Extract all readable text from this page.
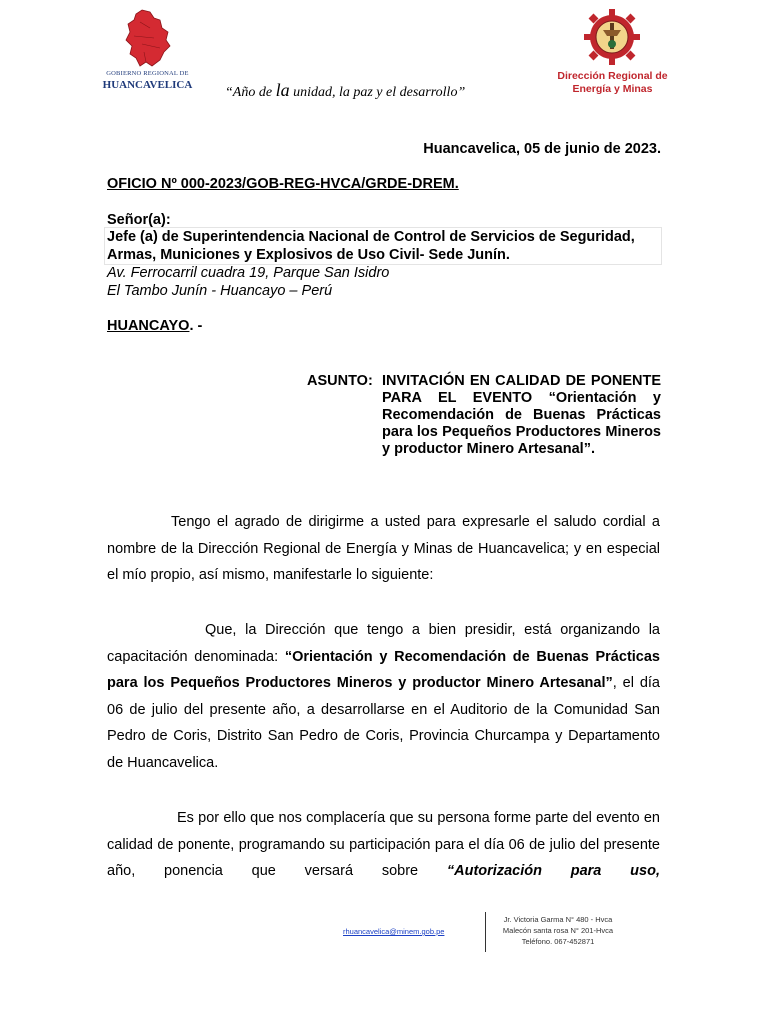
GOBIERNO REGIONAL DE
HUANCAVELICA “Año de la unidad, la paz y el desarrollo”
Dirección Regional de
Energía y Minas
Huancavelica, 05 de junio de 2023.
OFICIO Nº 000-2023/GOB-REG-HVCA/GRDE-DREM.
Señor(a):
Jefe (a) de Superintendencia Nacional de Control de Servicios de Seguridad,
Armas, Municiones y Explosivos de Uso Civil- Sede Junín.
Av. Ferrocarril cuadra 19, Parque San Isidro
El Tambo Junín - Huancayo – Perú
HUANCAYO. -
ASUNTO: INVITACIÓN EN CALIDAD DE PONENTE PARA EL EVENTO “Orientación y Recomendación de Buenas Prácticas para los Pequeños Productores Mineros y productor Minero Artesanal”.
Tengo el agrado de dirigirme a usted para expresarle el saludo cordial a nombre de la Dirección Regional de Energía y Minas de Huancavelica; y en especial el mío propio, así mismo, manifestarle lo siguiente:
Que, la Dirección que tengo a bien presidir, está organizando la capacitación denominada: “Orientación y Recomendación de Buenas Prácticas para los Pequeños Productores Mineros y productor Minero Artesanal”, el día 06 de julio del presente año, a desarrollarse en el Auditorio de la Comunidad San Pedro de Coris, Distrito San Pedro de Coris, Provincia Churcampa y Departamento de Huancavelica.
Es por ello que nos complacería que su persona forme parte del evento en calidad de ponente, programando su participación para el día 06 de julio del presente año, ponencia que versará sobre “Autorización para uso,
rhuancavelica@minem.gob.pe
Jr. Victoria Garma N° 480 - Hvca
Malecón santa rosa N° 201-Hvca
Teléfono. 067-452871
